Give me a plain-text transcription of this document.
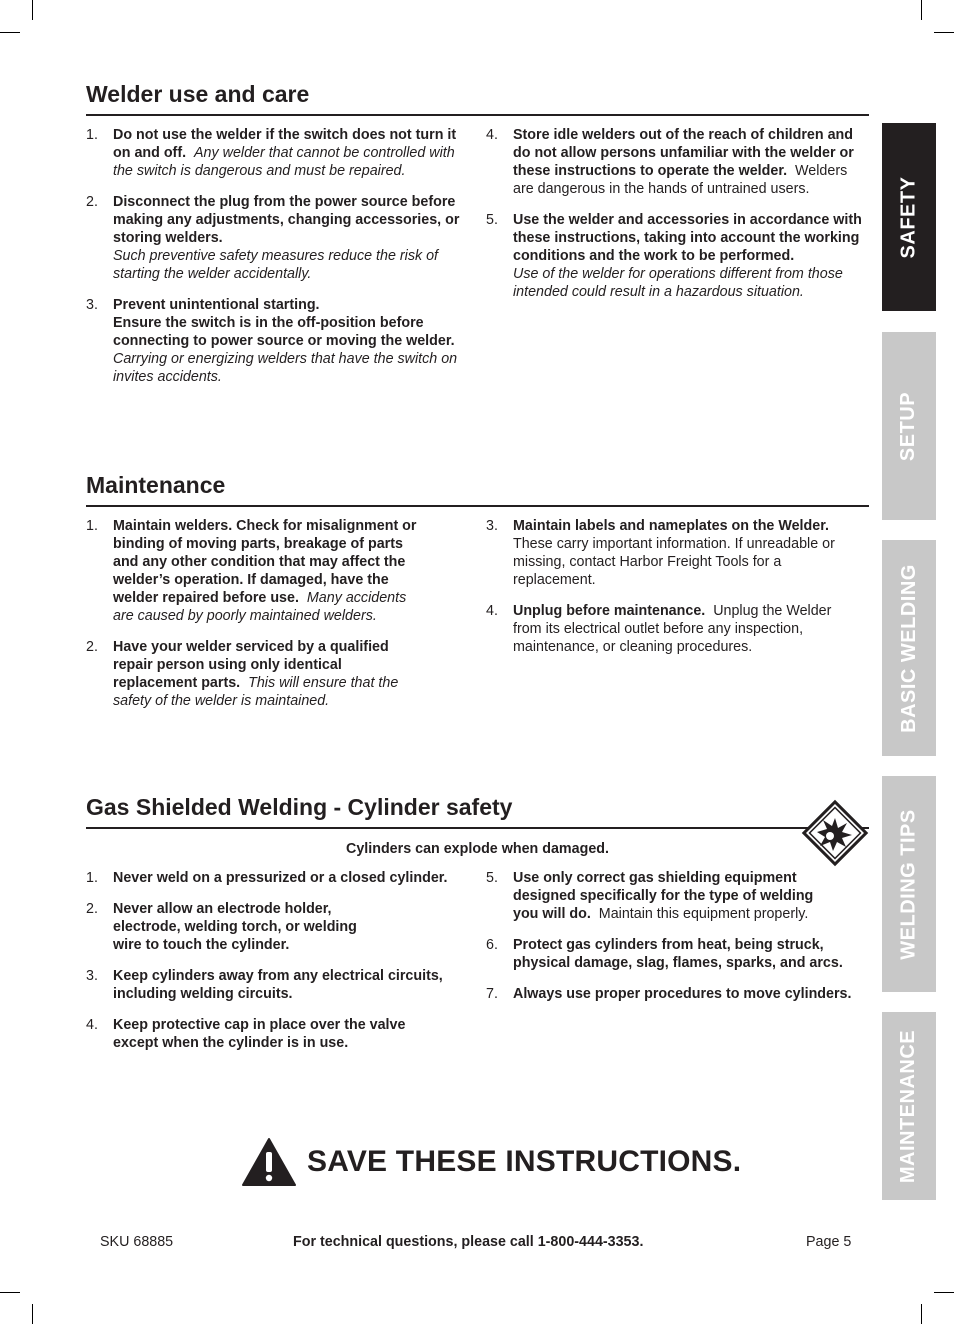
Welder use and care
1. Do not use the welder if the switch does not turn it on and off. Any welder that cannot be controlled with the switch is dangerous and must be repaired.
2. Disconnect the plug from the power source before making any adjustments, changing accessories, or storing welders.
Such preventive safety measures reduce the risk of starting the welder accidentally.
3. Prevent unintentional starting.
Ensure the switch is in the off-position before connecting to power source or moving the welder.
Carrying or energizing welders that have the switch on invites accidents.
4. Store idle welders out of the reach of children and do not allow persons unfamiliar with the welder or these instructions to operate the welder. Welders are dangerous in the hands of untrained users.
5. Use the welder and accessories in accordance with these instructions, taking into account the working conditions and the work to be performed.
Use of the welder for operations different from those intended could result in a hazardous situation.
Maintenance
1. Maintain welders. Check for misalignment or binding of moving parts, breakage of parts and any other condition that may affect the welder’s operation. If damaged, have the welder repaired before use. Many accidents are caused by poorly maintained welders.
2. Have your welder serviced by a qualified repair person using only identical replacement parts. This will ensure that the safety of the welder is maintained.
3. Maintain labels and nameplates on the Welder.
These carry important information. If unreadable or missing, contact Harbor Freight Tools for a replacement.
4. Unplug before maintenance. Unplug the Welder from its electrical outlet before any inspection, maintenance, or cleaning procedures.
Gas Shielded Welding - Cylinder safety
Cylinders can explode when damaged.
1. Never weld on a pressurized or a closed cylinder.
2. Never allow an electrode holder, electrode, welding torch, or welding wire to touch the cylinder.
3. Keep cylinders away from any electrical circuits, including welding circuits.
4. Keep protective cap in place over the valve except when the cylinder is in use.
5. Use only correct gas shielding equipment designed specifically for the type of welding you will do. Maintain this equipment properly.
6. Protect gas cylinders from heat, being struck, physical damage, slag, flames, sparks, and arcs.
7. Always use proper procedures to move cylinders.
SAVE THESE INSTRUCTIONS.
SKU 68885	For technical questions, please call 1-800-444-3353.	Page 5
SAFETY
SETUP
BASIC WELDING
WELDING TIPS
MAINTENANCE
